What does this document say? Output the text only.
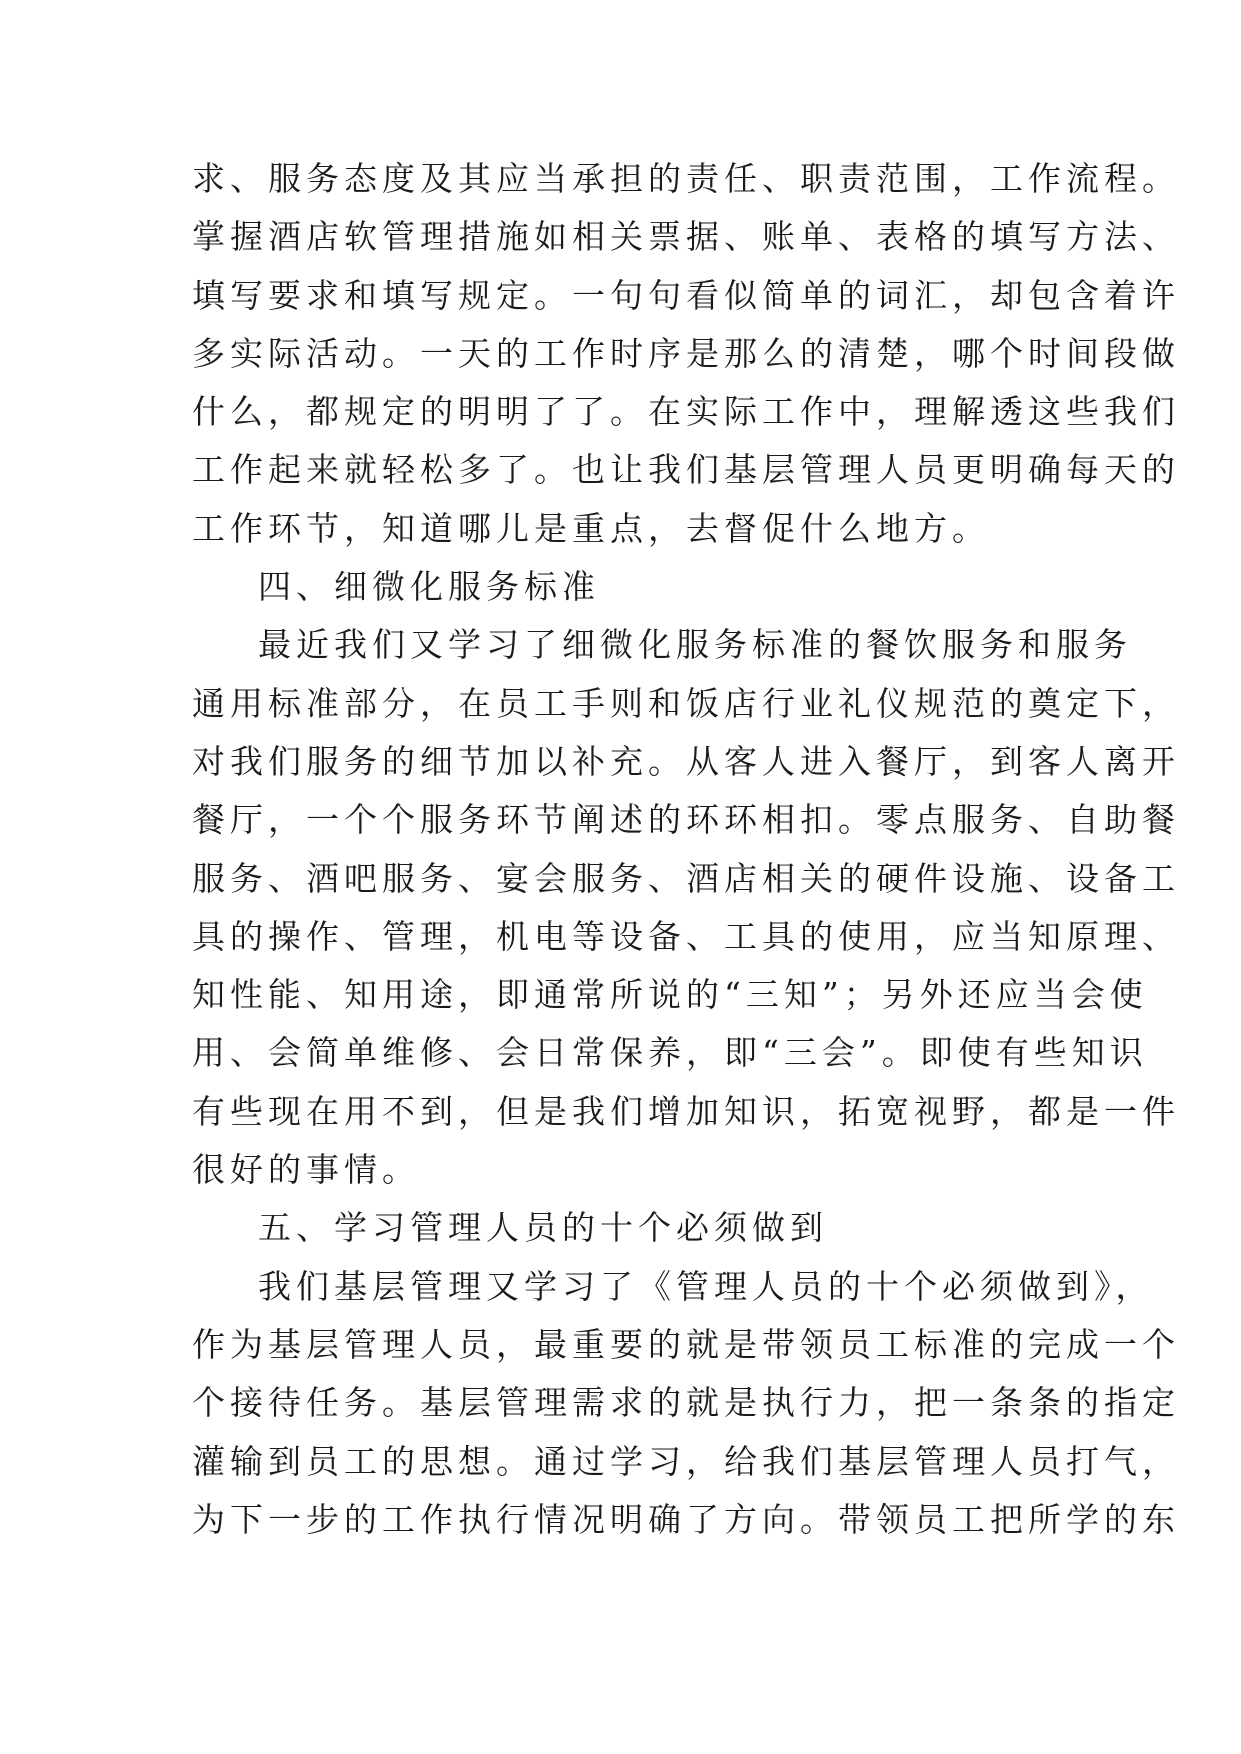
求、服务态度及其应当承担的责任、职责范围，工作流程。
掌握酒店软管理措施如相关票据、账单、表格的填写方法、
填写要求和填写规定。一句句看似简单的词汇，却包含着许
多实际活动。一天的工作时序是那么的清楚，哪个时间段做
什么，都规定的明明了了。在实际工作中，理解透这些我们
工作起来就轻松多了。也让我们基层管理人员更明确每天的
工作环节，知道哪儿是重点，去督促什么地方。
四、细微化服务标准
最近我们又学习了细微化服务标准的餐饮服务和服务
通用标准部分，在员工手则和饭店行业礼仪规范的奠定下，
对我们服务的细节加以补充。从客人进入餐厅，到客人离开
餐厅，一个个服务环节阐述的环环相扣。零点服务、自助餐
服务、酒吧服务、宴会服务、酒店相关的硬件设施、设备工
具的操作、管理，机电等设备、工具的使用，应当知原理、
知性能、知用途，即通常所说的“三知”；另外还应当会使
用、会简单维修、会日常保养，即“三会”。即使有些知识
有些现在用不到，但是我们增加知识，拓宽视野，都是一件
很好的事情。
五、学习管理人员的十个必须做到
我们基层管理又学习了《管理人员的十个必须做到》，
作为基层管理人员，最重要的就是带领员工标准的完成一个
个接待任务。基层管理需求的就是执行力，把一条条的指定
灌输到员工的思想。通过学习，给我们基层管理人员打气，
为下一步的工作执行情况明确了方向。带领员工把所学的东
